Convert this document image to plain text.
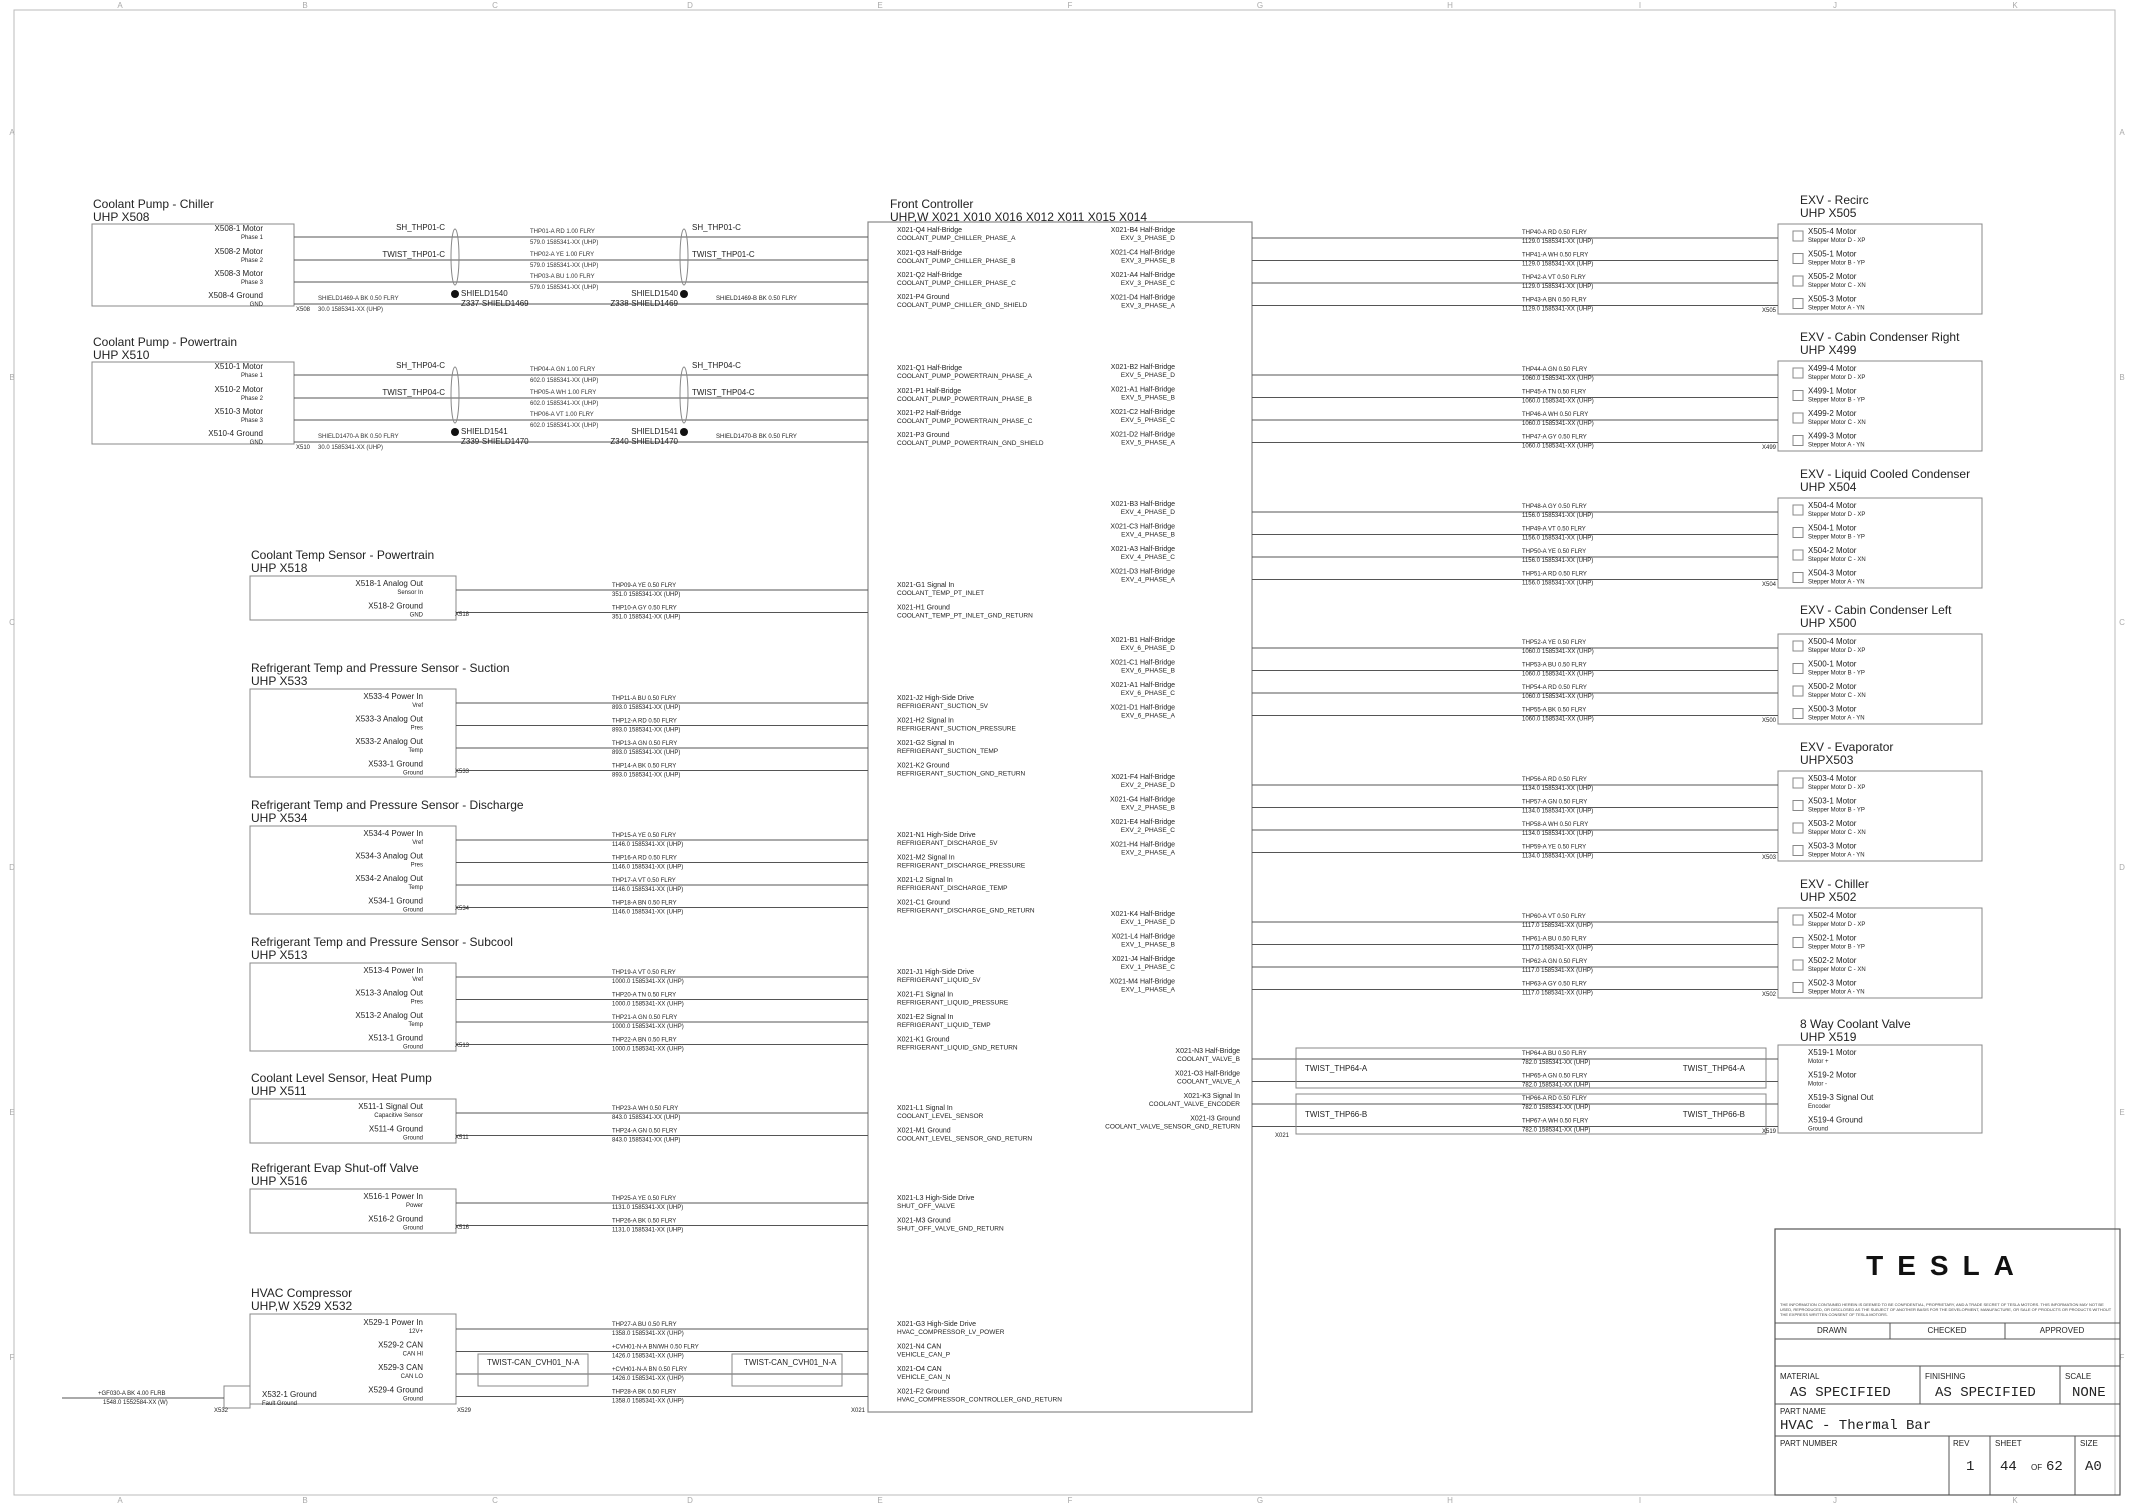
A
A
B
B
C
C
D
D
E
E
F
F
G
G
H
H
I
I
J
J
K
K
A	A
B	B
C	C
D	D
E	E
F	F
Front Controller
UHP,W X021 X010 X016 X012 X011 X015 X014
Coolant Pump - Chiller
UHP X508
X508-1 Motor
Phase 1
THP01-A RD 1.00 FLRY
579.0 1585341-XX (UHP)
X508-2 Motor
Phase 2
THP02-A YE 1.00 FLRY
579.0 1585341-XX (UHP)
X508-3 Motor
Phase 3
THP03-A BU 1.00 FLRY
579.0 1585341-XX (UHP)
X508-4 Ground
GND
SHIELD1469-A BK 0.50 FLRY
30.0 1585341-XX (UHP)
SHIELD1469-B BK 0.50 FLRY
X508
SH_THP01-C	SH_THP01-C
TWIST_THP01-C	TWIST_THP01-C
SHIELD1540
Z337-SHIELD1469
SHIELD1540
Z338-SHIELD1469
X021-Q4 Half-Bridge
COOLANT_PUMP_CHILLER_PHASE_A
X021-Q3 Half-Bridge
COOLANT_PUMP_CHILLER_PHASE_B
X021-Q2 Half-Bridge
COOLANT_PUMP_CHILLER_PHASE_C
X021-P4 Ground
COOLANT_PUMP_CHILLER_GND_SHIELD
Coolant Pump - Powertrain
UHP X510
X510-1 Motor
Phase 1
THP04-A GN 1.00 FLRY
602.0 1585341-XX (UHP)
X510-2 Motor
Phase 2
THP05-A WH 1.00 FLRY
602.0 1585341-XX (UHP)
X510-3 Motor
Phase 3
THP06-A VT 1.00 FLRY
602.0 1585341-XX (UHP)
X510-4 Ground
GND
SHIELD1470-A BK 0.50 FLRY
30.0 1585341-XX (UHP)
SHIELD1470-B BK 0.50 FLRY
X510
SH_THP04-C	SH_THP04-C
TWIST_THP04-C	TWIST_THP04-C
SHIELD1541
Z339-SHIELD1470
SHIELD1541
Z340-SHIELD1470
X021-Q1 Half-Bridge
COOLANT_PUMP_POWERTRAIN_PHASE_A
X021-P1 Half-Bridge
COOLANT_PUMP_POWERTRAIN_PHASE_B
X021-P2 Half-Bridge
COOLANT_PUMP_POWERTRAIN_PHASE_C
X021-P3 Ground
COOLANT_PUMP_POWERTRAIN_GND_SHIELD
Coolant Temp Sensor - Powertrain
UHP X518
X518-1 Analog Out
Sensor In
THP09-A YE 0.50 FLRY
351.0 1585341-XX (UHP)
X021-G1 Signal In
COOLANT_TEMP_PT_INLET
X518-2 Ground
GND
THP10-A GY 0.50 FLRY
351.0 1585341-XX (UHP)
X021-H1 Ground
COOLANT_TEMP_PT_INLET_GND_RETURN
X518
Refrigerant Temp and Pressure Sensor - Suction
UHP X533
X533-4 Power In
Vref
THP11-A BU 0.50 FLRY
893.0 1585341-XX (UHP)
X021-J2 High-Side Drive
REFRIGERANT_SUCTION_5V
X533-3 Analog Out
Pres
THP12-A RD 0.50 FLRY
893.0 1585341-XX (UHP)
X021-H2 Signal In
REFRIGERANT_SUCTION_PRESSURE
X533-2 Analog Out
Temp
THP13-A GN 0.50 FLRY
893.0 1585341-XX (UHP)
X021-G2 Signal In
REFRIGERANT_SUCTION_TEMP
X533-1 Ground
Ground
THP14-A BK 0.50 FLRY
893.0 1585341-XX (UHP)
X021-K2 Ground
REFRIGERANT_SUCTION_GND_RETURN
X533
Refrigerant Temp and Pressure Sensor - Discharge
UHP X534
X534-4 Power In
Vref
THP15-A YE 0.50 FLRY
1146.0 1585341-XX (UHP)
X021-N1 High-Side Drive
REFRIGERANT_DISCHARGE_5V
X534-3 Analog Out
Pres
THP16-A RD 0.50 FLRY
1146.0 1585341-XX (UHP)
X021-M2 Signal In
REFRIGERANT_DISCHARGE_PRESSURE
X534-2 Analog Out
Temp
THP17-A VT 0.50 FLRY
1146.0 1585341-XX (UHP)
X021-L2 Signal In
REFRIGERANT_DISCHARGE_TEMP
X534-1 Ground
Ground
THP18-A BN 0.50 FLRY
1146.0 1585341-XX (UHP)
X021-C1 Ground
REFRIGERANT_DISCHARGE_GND_RETURN
X534
Refrigerant Temp and Pressure Sensor - Subcool
UHP X513
X513-4 Power In
Vref
THP19-A VT 0.50 FLRY
1000.0 1585341-XX (UHP)
X021-J1 High-Side Drive
REFRIGERANT_LIQUID_5V
X513-3 Analog Out
Pres
THP20-A TN 0.50 FLRY
1000.0 1585341-XX (UHP)
X021-F1 Signal In
REFRIGERANT_LIQUID_PRESSURE
X513-2 Analog Out
Temp
THP21-A GN 0.50 FLRY
1000.0 1585341-XX (UHP)
X021-E2 Signal In
REFRIGERANT_LIQUID_TEMP
X513-1 Ground
Ground
THP22-A BN 0.50 FLRY
1000.0 1585341-XX (UHP)
X021-K1 Ground
REFRIGERANT_LIQUID_GND_RETURN
X513
Coolant Level Sensor, Heat Pump
UHP X511
X511-1 Signal Out
Capacitive Sensor
THP23-A WH 0.50 FLRY
843.0 1585341-XX (UHP)
X021-L1 Signal In
COOLANT_LEVEL_SENSOR
X511-4 Ground
Ground
THP24-A GN 0.50 FLRY
843.0 1585341-XX (UHP)
X021-M1 Ground
COOLANT_LEVEL_SENSOR_GND_RETURN
X511
Refrigerant Evap Shut-off Valve
UHP X516
X516-1 Power In
Power
THP25-A YE 0.50 FLRY
1131.0 1585341-XX (UHP)
X021-L3 High-Side Drive
SHUT_OFF_VALVE
X516-2 Ground
Ground
THP26-A BK 0.50 FLRY
1131.0 1585341-XX (UHP)
X021-M3 Ground
SHUT_OFF_VALVE_GND_RETURN
X516
HVAC Compressor
UHP,W X529 X532
X529-1 Power In
12V+
THP27-A BU 0.50 FLRY
1358.0 1585341-XX (UHP)
X021-G3 High-Side Drive
HVAC_COMPRESSOR_LV_POWER
X529-2 CAN
CAN HI
+CVH01-N-A BN/WH 0.50 FLRY
1426.0 1585341-XX (UHP)
X021-N4 CAN
VEHICLE_CAN_P
X529-3 CAN
CAN LO
+CVH01-N-A BN 0.50 FLRY
1426.0 1585341-XX (UHP)
X021-O4 CAN
VEHICLE_CAN_N
X529-4 Ground
Ground
THP28-A BK 0.50 FLRY
1358.0 1585341-XX (UHP)
X021-F2 Ground
HVAC_COMPRESSOR_CONTROLLER_GND_RETURN
X532-1 Ground
Fault Ground
+GF030-A BK 4.00 FLRB
1548.0 1552584-XX (W)
X532	X529	X021
TWIST-CAN_CVH01_N-A	TWIST-CAN_CVH01_N-A
EXV - Recirc
UHP X505
X021-B4 Half-Bridge
EXV_3_PHASE_D
THP40-A RD 0.50 FLRY
1129.0 1585341-XX (UHP)
X505-4 Motor
Stepper Motor D - XP
X021-C4 Half-Bridge
EXV_3_PHASE_B
THP41-A WH 0.50 FLRY
1129.0 1585341-XX (UHP)
X505-1 Motor
Stepper Motor B - YP
X021-A4 Half-Bridge
EXV_3_PHASE_C
THP42-A VT 0.50 FLRY
1129.0 1585341-XX (UHP)
X505-2 Motor
Stepper Motor C - XN
X021-D4 Half-Bridge
EXV_3_PHASE_A
THP43-A BN 0.50 FLRY
1129.0 1585341-XX (UHP)
X505-3 Motor
Stepper Motor A - YN
X505
EXV - Cabin Condenser Right
UHP X499
X021-B2 Half-Bridge
EXV_5_PHASE_D
THP44-A GN 0.50 FLRY
1060.0 1585341-XX (UHP)
X499-4 Motor
Stepper Motor D - XP
X021-A1 Half-Bridge
EXV_5_PHASE_B
THP45-A TN 0.50 FLRY
1060.0 1585341-XX (UHP)
X499-1 Motor
Stepper Motor B - YP
X021-C2 Half-Bridge
EXV_5_PHASE_C
THP46-A WH 0.50 FLRY
1060.0 1585341-XX (UHP)
X499-2 Motor
Stepper Motor C - XN
X021-D2 Half-Bridge
EXV_5_PHASE_A
THP47-A GY 0.50 FLRY
1060.0 1585341-XX (UHP)
X499-3 Motor
Stepper Motor A - YN
X499
EXV - Liquid Cooled Condenser
UHP X504
X021-B3 Half-Bridge
EXV_4_PHASE_D
THP48-A GY 0.50 FLRY
1156.0 1585341-XX (UHP)
X504-4 Motor
Stepper Motor D - XP
X021-C3 Half-Bridge
EXV_4_PHASE_B
THP49-A VT 0.50 FLRY
1156.0 1585341-XX (UHP)
X504-1 Motor
Stepper Motor B - YP
X021-A3 Half-Bridge
EXV_4_PHASE_C
THP50-A YE 0.50 FLRY
1156.0 1585341-XX (UHP)
X504-2 Motor
Stepper Motor C - XN
X021-D3 Half-Bridge
EXV_4_PHASE_A
THP51-A RD 0.50 FLRY
1156.0 1585341-XX (UHP)
X504-3 Motor
Stepper Motor A - YN
X504
EXV - Cabin Condenser Left
UHP X500
X021-B1 Half-Bridge
EXV_6_PHASE_D
THP52-A YE 0.50 FLRY
1060.0 1585341-XX (UHP)
X500-4 Motor
Stepper Motor D - XP
X021-C1 Half-Bridge
EXV_6_PHASE_B
THP53-A BU 0.50 FLRY
1060.0 1585341-XX (UHP)
X500-1 Motor
Stepper Motor B - YP
X021-A1 Half-Bridge
EXV_6_PHASE_C
THP54-A RD 0.50 FLRY
1060.0 1585341-XX (UHP)
X500-2 Motor
Stepper Motor C - XN
X021-D1 Half-Bridge
EXV_6_PHASE_A
THP55-A BK 0.50 FLRY
1060.0 1585341-XX (UHP)
X500-3 Motor
Stepper Motor A - YN
X500
EXV - Evaporator
UHPX503
X021-F4 Half-Bridge
EXV_2_PHASE_D
THP56-A RD 0.50 FLRY
1134.0 1585341-XX (UHP)
X503-4 Motor
Stepper Motor D - XP
X021-G4 Half-Bridge
EXV_2_PHASE_B
THP57-A GN 0.50 FLRY
1134.0 1585341-XX (UHP)
X503-1 Motor
Stepper Motor B - YP
X021-E4 Half-Bridge
EXV_2_PHASE_C
THP58-A WH 0.50 FLRY
1134.0 1585341-XX (UHP)
X503-2 Motor
Stepper Motor C - XN
X021-H4 Half-Bridge
EXV_2_PHASE_A
THP59-A YE 0.50 FLRY
1134.0 1585341-XX (UHP)
X503-3 Motor
Stepper Motor A - YN
X503
EXV - Chiller
UHP X502
X021-K4 Half-Bridge
EXV_1_PHASE_D
THP60-A VT 0.50 FLRY
1117.0 1585341-XX (UHP)
X502-4 Motor
Stepper Motor D - XP
X021-L4 Half-Bridge
EXV_1_PHASE_B
THP61-A BU 0.50 FLRY
1117.0 1585341-XX (UHP)
X502-1 Motor
Stepper Motor B - YP
X021-J4 Half-Bridge
EXV_1_PHASE_C
THP62-A GN 0.50 FLRY
1117.0 1585341-XX (UHP)
X502-2 Motor
Stepper Motor C - XN
X021-M4 Half-Bridge
EXV_1_PHASE_A
THP63-A GY 0.50 FLRY
1117.0 1585341-XX (UHP)
X502-3 Motor
Stepper Motor A - YN
X502
8 Way Coolant Valve
UHP X519
X021-N3 Half-Bridge
COOLANT_VALVE_B
THP64-A BU 0.50 FLRY
782.0 1585341-XX (UHP)
X519-1 Motor
Motor +
X021-O3 Half-Bridge
COOLANT_VALVE_A
THP65-A GN 0.50 FLRY
782.0 1585341-XX (UHP)
X519-2 Motor
Motor -
X021-K3 Signal In
COOLANT_VALVE_ENCODER
THP66-A RD 0.50 FLRY
782.0 1585341-XX (UHP)
X519-3 Signal Out
Encoder
X021-I3 Ground
COOLANT_VALVE_SENSOR_GND_RETURN
THP67-A WH 0.50 FLRY
782.0 1585341-XX (UHP)
X519-4 Ground
Ground
TWIST_THP64-A	TWIST_THP64-A
TWIST_THP66-B	TWIST_THP66-B
X519
X021
TESLA
THE INFORMATION CONTAINED HEREIN IS DEEMED TO BE CONFIDENTIAL, PROPRIETARY, AND A TRADE SECRET OF TESLA MOTORS. THIS INFORMATION MAY NOT BE USED, REPRODUCED, OR DISCLOSED AS THE SUBJECT OF ANOTHER BASIS FOR THE DEVELOPMENT, MANUFACTURE, OR SALE OF PRODUCTS OR PRODUCTS WITHOUT THE EXPRESS WRITTEN CONSENT OF TESLA MOTORS.
DRAWN	CHECKED	APPROVED
MATERIAL
AS SPECIFIED
FINISHING
AS SPECIFIED
SCALE
NONE
PART NAME
HVAC - Thermal Bar
PART NUMBER	REV
1
SHEET
44 OF 62
SIZE
A0
